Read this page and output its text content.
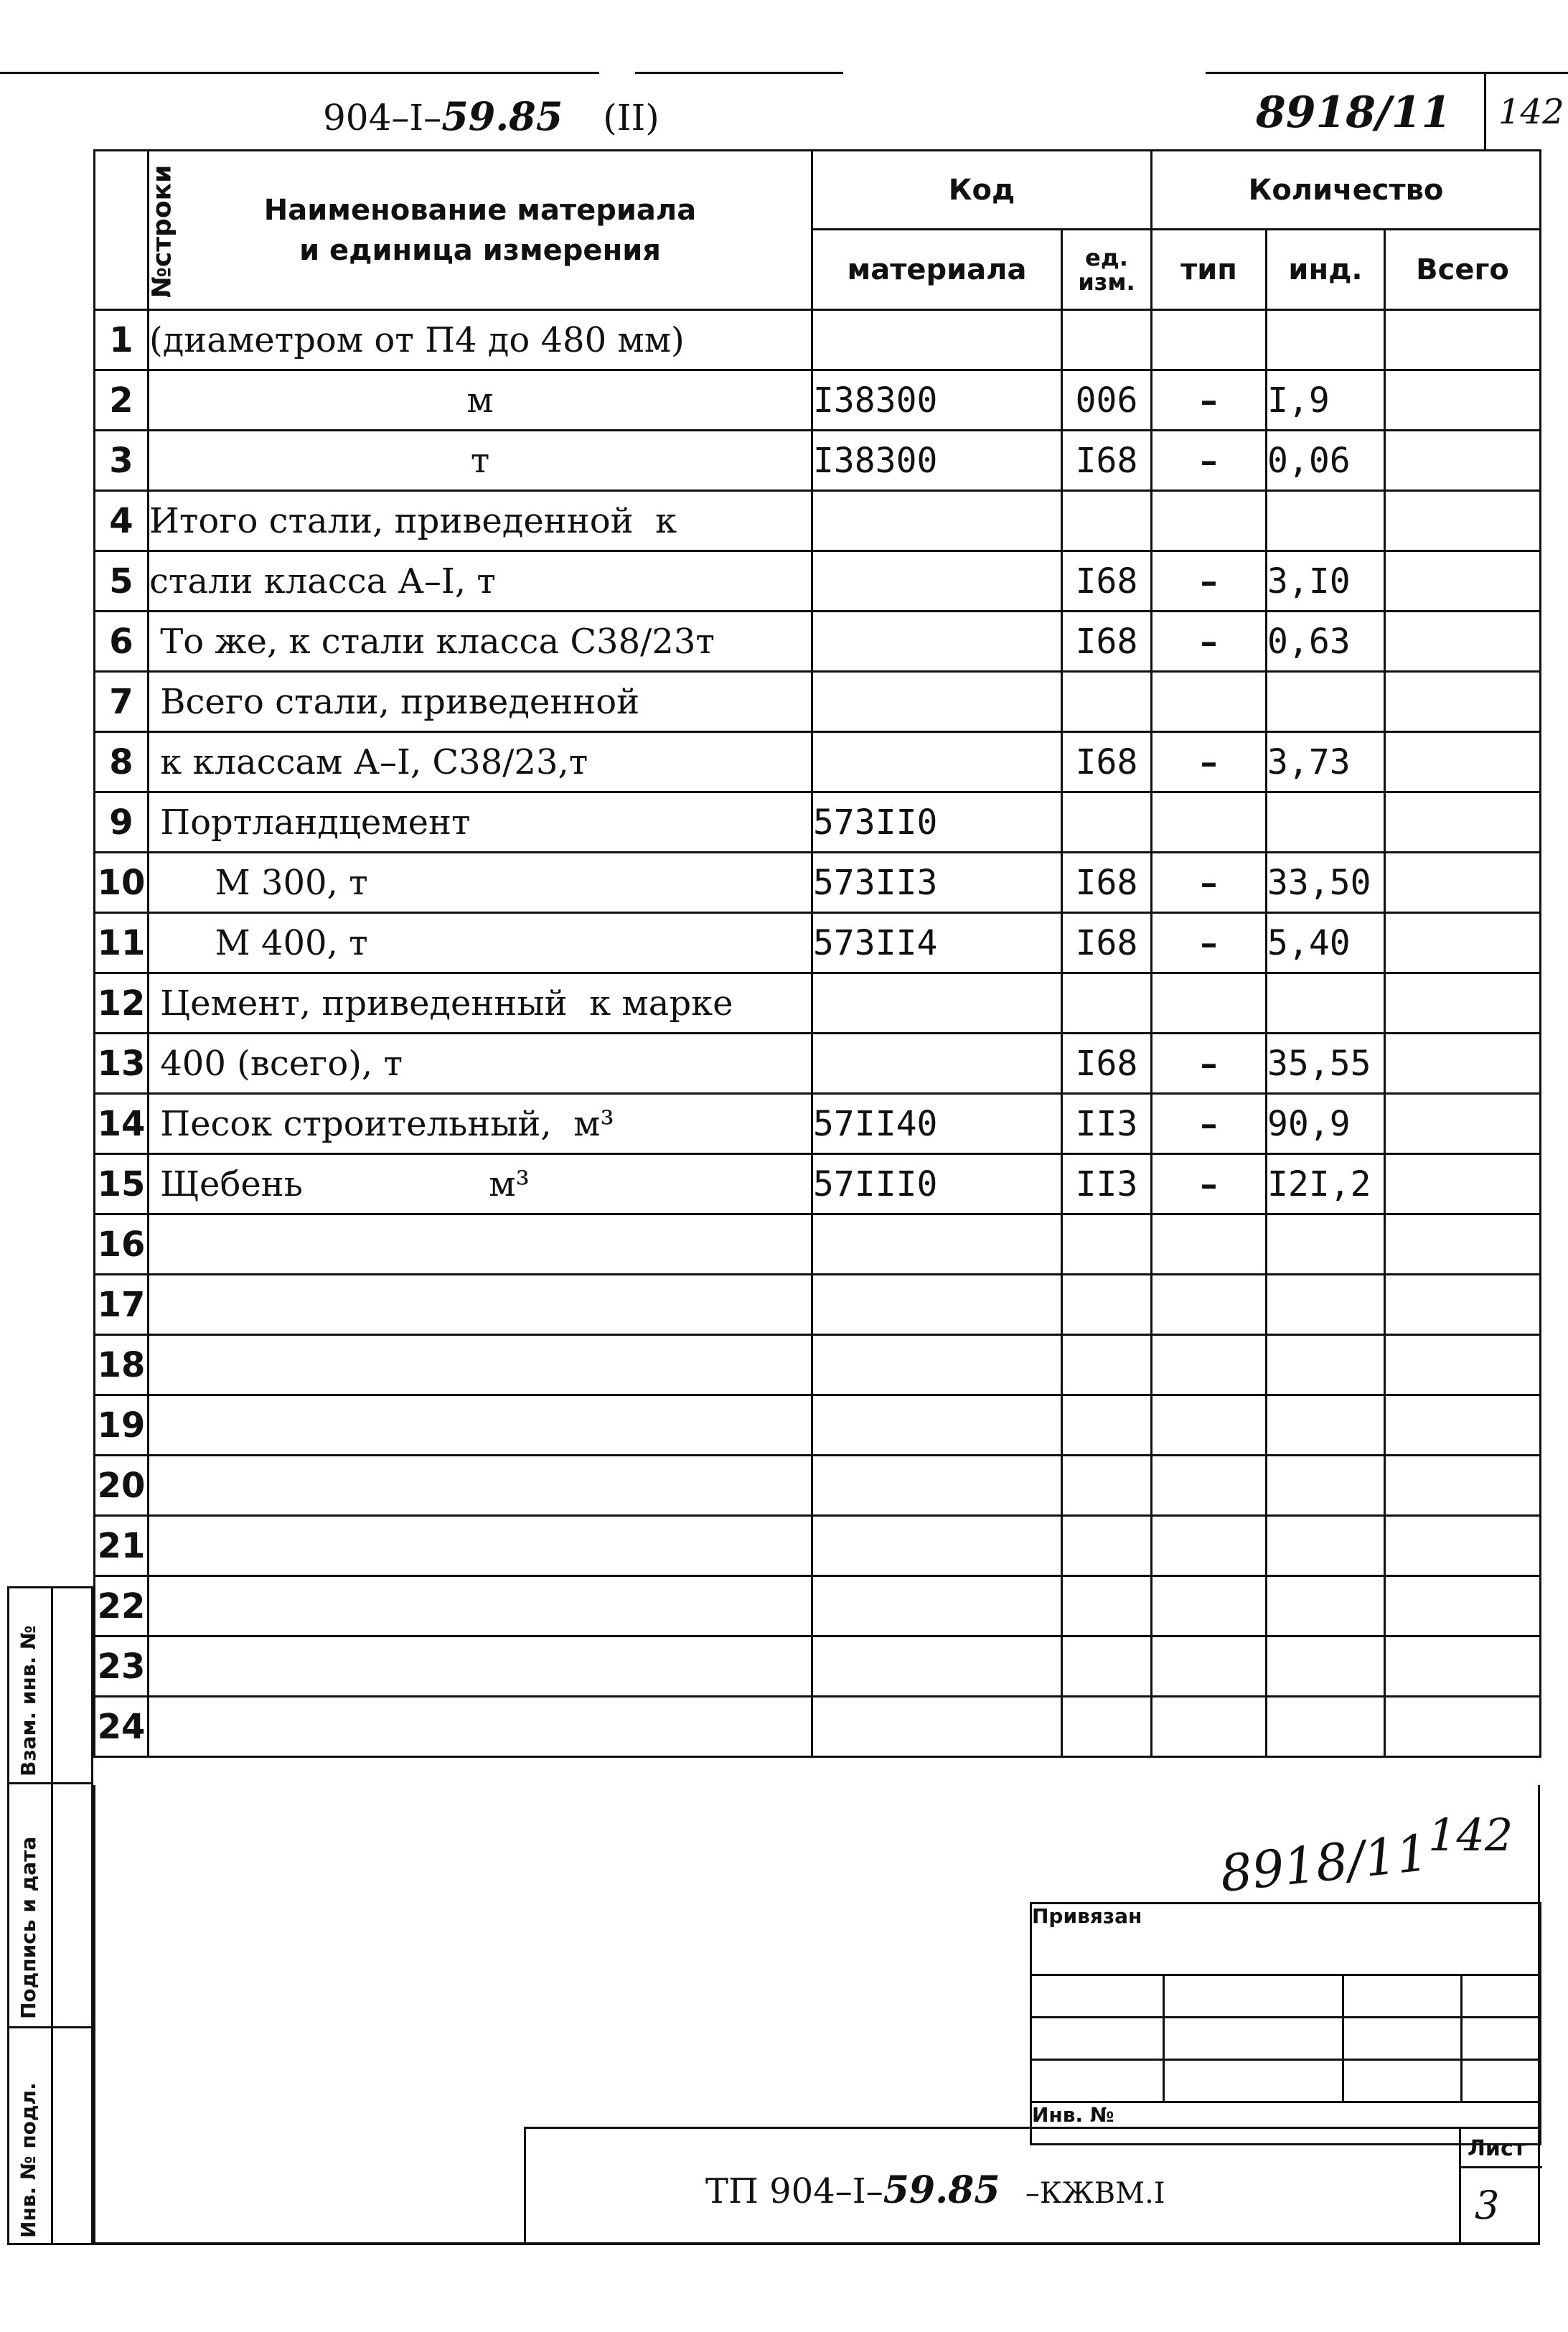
904–I–59.85 (II)	8918/11 142
№строки	Наименование материала
и единица измерения	Код		Количество		
		материала	ед. изм.	тип	инд.	Всего
1	(диаметром от П4 до 480 мм)					
2	м	I38300	006	–	I,9	
3	т	I38300	I68	–	0,06	
4	Итого стали, приведенной  к					
5	стали класса А–I, т		I68	–	3,I0	
6	То же, к стали класса С38/23т		I68	–	0,63	
7	Всего стали, приведенной					
8	к классам А–I, С38/23,т		I68	–	3,73	
9	Портландцемент	573II0				
10	М 300, т	573II3	I68	–	33,50	
11	М 400, т	573II4	I68	–	5,40	
12	Цемент, приведенный  к марке					
13	400 (всего), т		I68	–	35,55	
14	Песок строительный,  м³	57II40	II3	–	90,9	
15	Щебень                 м³	57III0	II3	–	I2I,2	
16						
17						
18						
19						
20						
21						
22						
23						
24						
Взам. инв. №
Подпись и дата
Инв. № подл.
8918/11
142
Привязан			

Инв. №			
ТП 904–I–59.85 –КЖВМ.I
Лист
3
